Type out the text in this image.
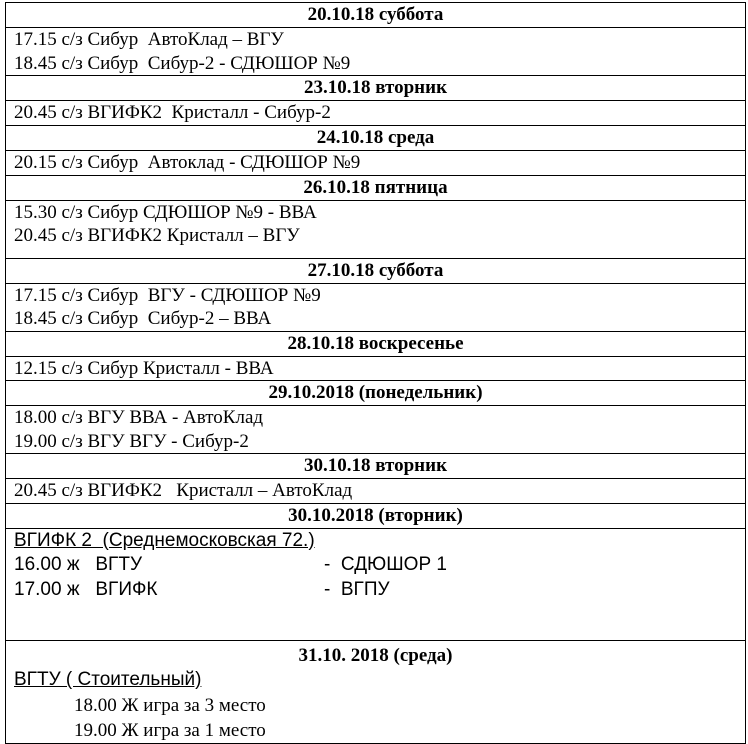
20.10.18 суббота
17.15 с/з Сибур  АвтоКлад – ВГУ
18.45 с/з Сибур  Сибур-2 - СДЮШОР №9
23.10.18 вторник
20.45 с/з ВГИФК2  Кристалл - Сибур-2
24.10.18 среда
20.15 с/з Сибур  Автоклад - СДЮШОР №9
26.10.18 пятница
15.30 с/з Сибур СДЮШОР №9 - ВВА
20.45 с/з ВГИФК2 Кристалл – ВГУ
27.10.18 суббота
17.15 с/з Сибур  ВГУ - СДЮШОР №9
18.45 с/з Сибур  Сибур-2 – ВВА
28.10.18 воскресенье
12.15 с/з Сибур Кристалл - ВВА
29.10.2018 (понедельник)
18.00 с/з ВГУ ВВА - АвтоКлад
19.00 с/з ВГУ ВГУ - Сибур-2
30.10.18 вторник
20.45 с/з ВГИФК2   Кристалл – АвтоКлад
30.10.2018 (вторник)
ВГИФК 2  (Среднемосковская 72.)
16.00 ж   ВГТУ	-  СДЮШОР 1
17.00 ж   ВГИФК	-  ВГПУ
31.10. 2018 (среда)
ВГТУ ( Стоительный)
18.00 Ж игра за 3 место
19.00 Ж игра за 1 место
